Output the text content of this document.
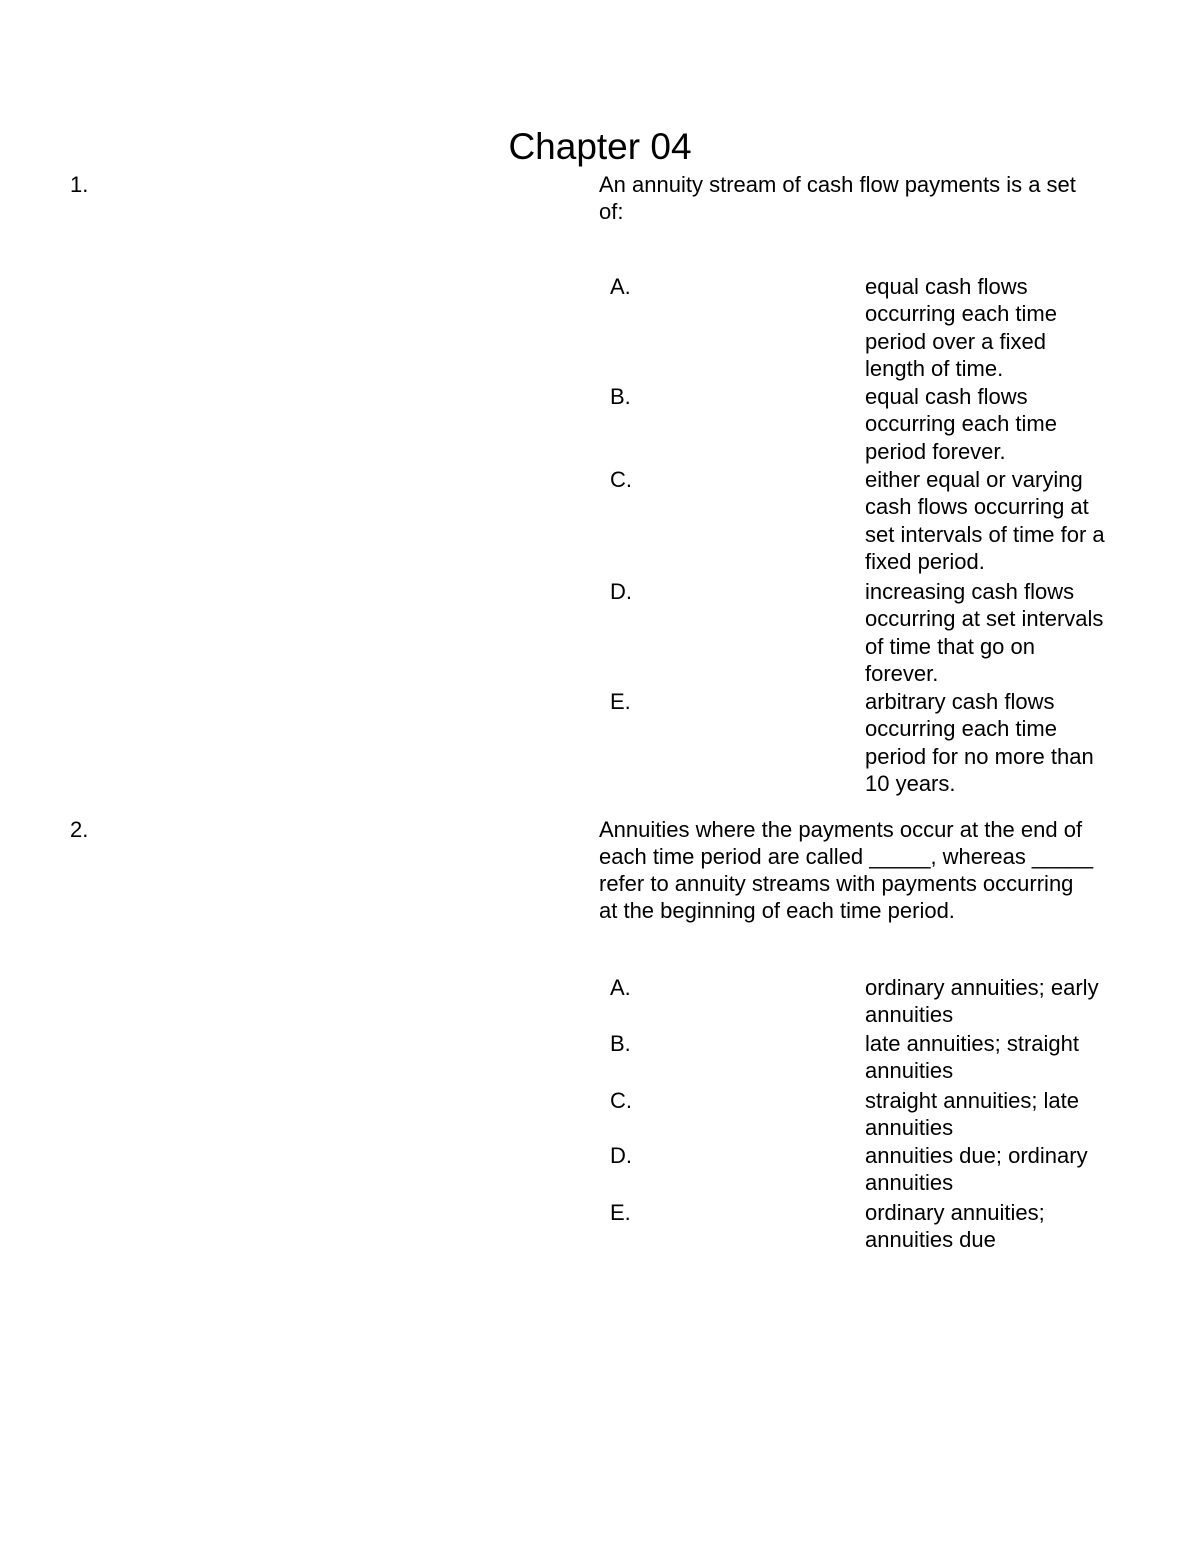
Chapter 04
1.	An annuity stream of cash flow payments is a set of:
A.	equal cash flows occurring each time period over a fixed length of time.
B.	equal cash flows occurring each time period forever.
C.	either equal or varying cash flows occurring at set intervals of time for a fixed period.
D.	increasing cash flows occurring at set intervals of time that go on forever.
E.	arbitrary cash flows occurring each time period for no more than 10 years.
2.	Annuities where the payments occur at the end of each time period are called _____, whereas _____ refer to annuity streams with payments occurring at the beginning of each time period.
A.	ordinary annuities; early annuities
B.	late annuities; straight annuities
C.	straight annuities; late annuities
D.	annuities due; ordinary annuities
E.	ordinary annuities; annuities due
